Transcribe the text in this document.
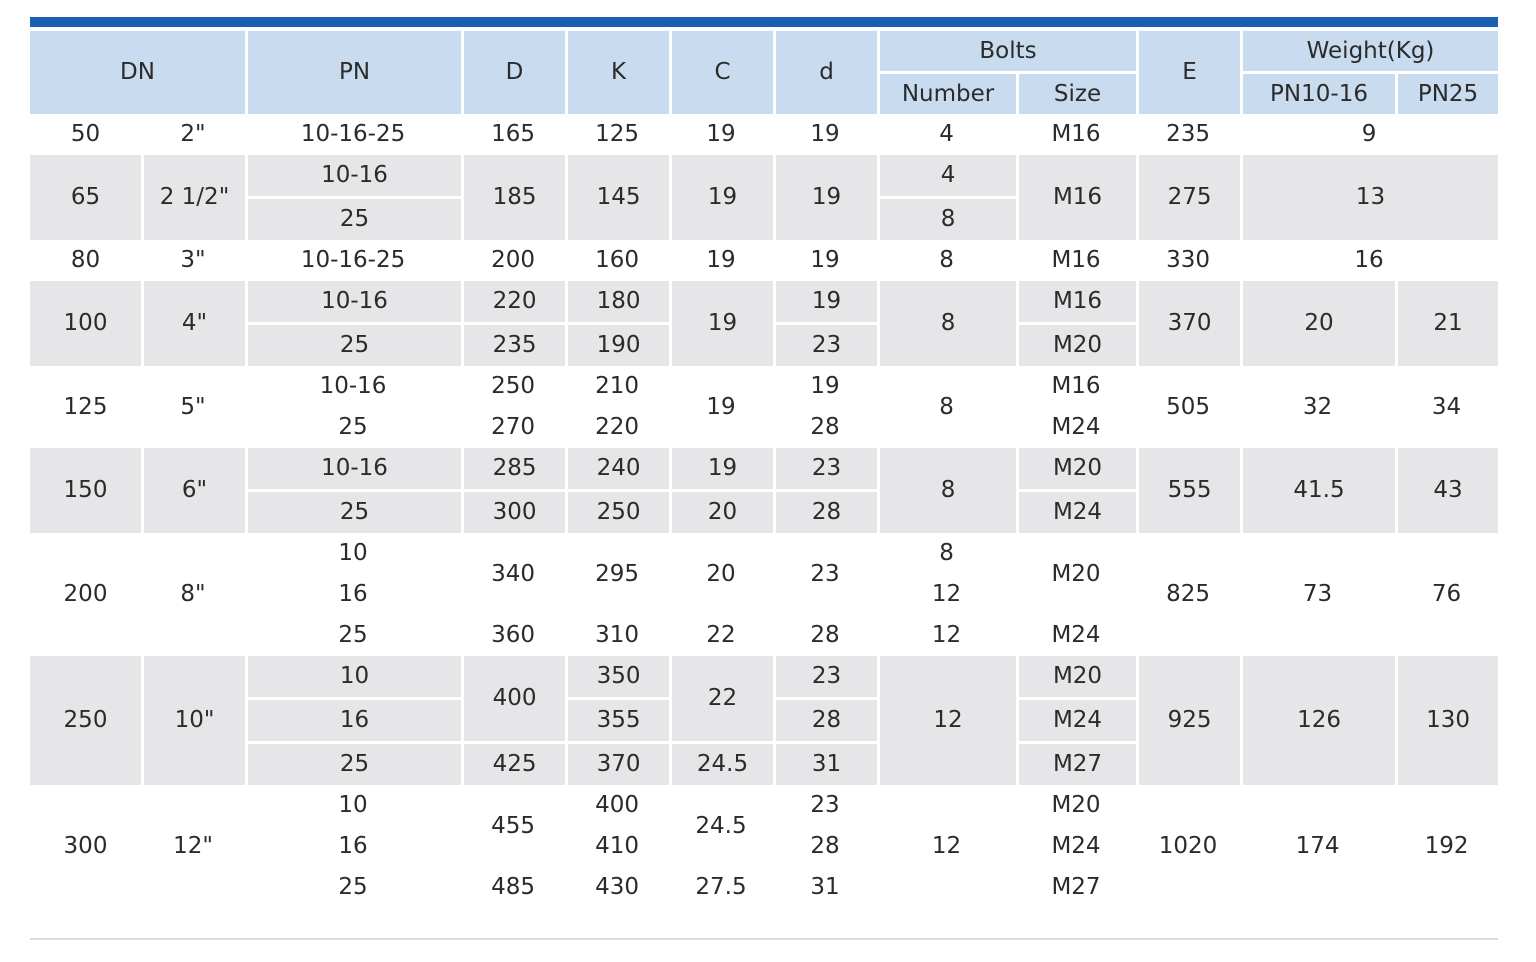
DN		PN	D	K	C	d	Bolts		E	Weight(Kg)	
							Number	Size		PN10-16	PN25
50	2"	10-16-25	165	125	19	19	4	M16	235	9	
65	2 1/2"	10-16	185	145	19	19	4	M16	275	13	
		25					8				
80	3"	10-16-25	200	160	19	19	8	M16	330	16	
100	4"	10-16	220	180	19	19	8	M16	370	20	21
		25	235	190		23		M20			
125	5"	10-16	250	210	19	19	8	M16	505	32	34
		25	270	220		28		M24			
150	6"	10-16	285	240	19	23	8	M20	555	41.5	43
		25	300	250	20	28		M24			
200	8"	10	340	295	20	23	8	M20	825	73	76
		16					12				
		25	360	310	22	28	12	M24			
250	10"	10	400	350	22	23	12	M20	925	126	130
		16		355		28		M24			
		25	425	370	24.5	31		M27			
300	12"	10	455	400	24.5	23	12	M20	1020	174	192
		16		410		28		M24			
		25	485	430	27.5	31		M27			
